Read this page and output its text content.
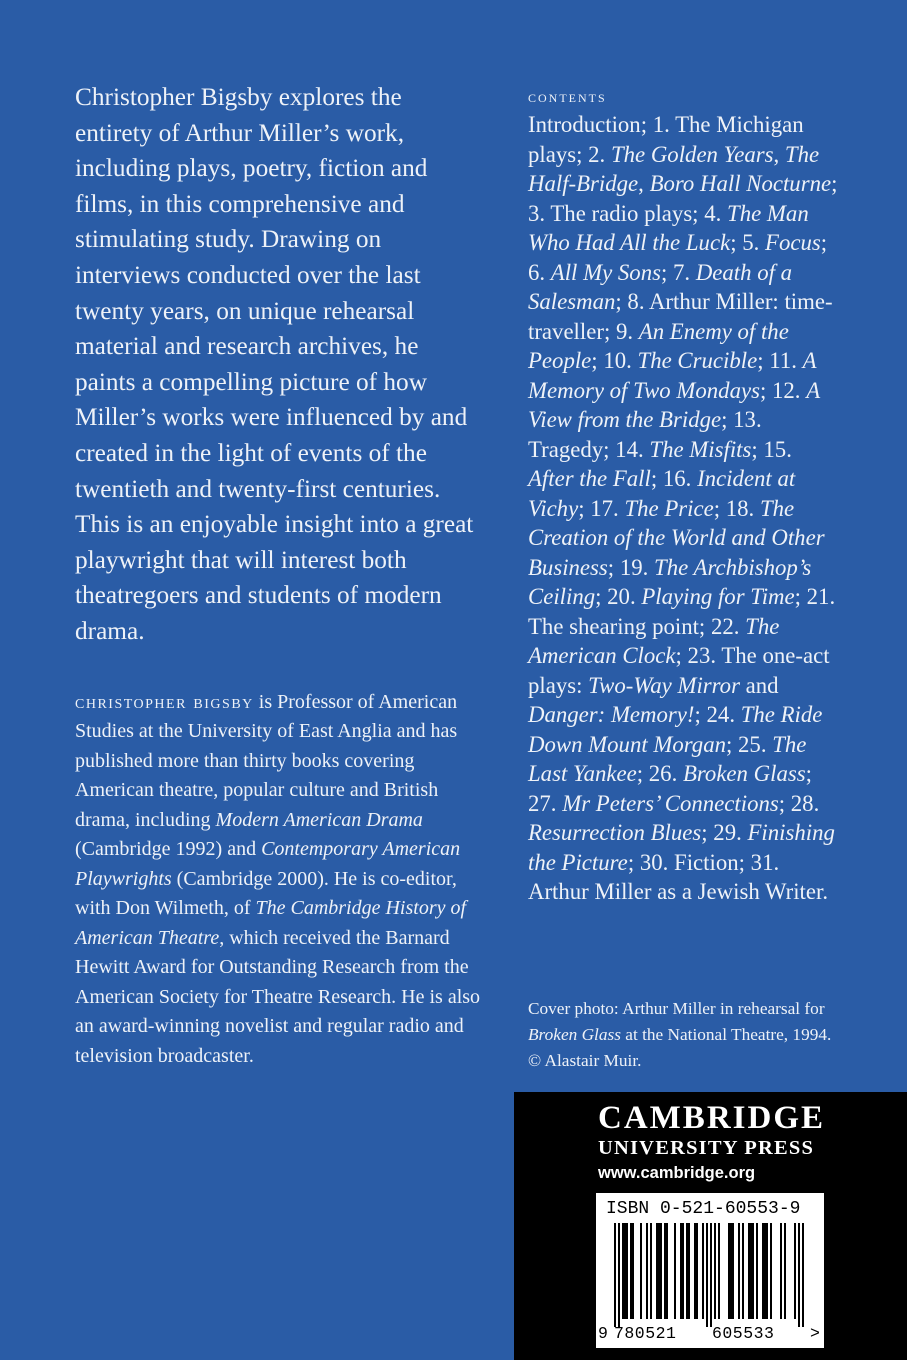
Christopher Bigsby explores the entirety of Arthur Miller’s work, including plays, poetry, fiction and films, in this comprehensive and stimulating study. Drawing on interviews conducted over the last twenty years, on unique rehearsal material and research archives, he paints a compelling picture of how Miller’s works were influenced by and created in the light of events of the twentieth and twenty-first centuries. This is an enjoyable insight into a great playwright that will interest both theatregoers and students of modern drama.

christopher bigsby is Professor of American Studies at the University of East Anglia and has published more than thirty books covering American theatre, popular culture and British drama, including Modern American Drama (Cambridge 1992) and Contemporary American Playwrights (Cambridge 2000). He is co-editor, with Don Wilmeth, of The Cambridge History of American Theatre, which received the Barnard Hewitt Award for Outstanding Research from the American Society for Theatre Research. He is also an award-winning novelist and regular radio and television broadcaster.

contents

Introduction; 1. The Michigan plays; 2. The Golden Years, The Half-Bridge, Boro Hall Nocturne; 3. The radio plays; 4. The Man Who Had All the Luck; 5. Focus; 6. All My Sons; 7. Death of a Salesman; 8. Arthur Miller: time-traveller; 9. An Enemy of the People; 10. The Crucible; 11. A Memory of Two Mondays; 12. A View from the Bridge; 13. Tragedy; 14. The Misfits; 15. After the Fall; 16. Incident at Vichy; 17. The Price; 18. The Creation of the World and Other Business; 19. The Archbishop’s Ceiling; 20. Playing for Time; 21. The shearing point; 22. The American Clock; 23. The one-act plays: Two-Way Mirror and Danger: Memory!; 24. The Ride Down Mount Morgan; 25. The Last Yankee; 26. Broken Glass; 27. Mr Peters’ Connections; 28. Resurrection Blues; 29. Finishing the Picture; 30. Fiction; 31. Arthur Miller as a Jewish Writer.

Cover photo: Arthur Miller in rehearsal for Broken Glass at the National Theatre, 1994. © Alastair Muir.

CAMBRIDGE
UNIVERSITY PRESS
www.cambridge.org
ISBN 0-521-60553-9
9 780521 605533 >
